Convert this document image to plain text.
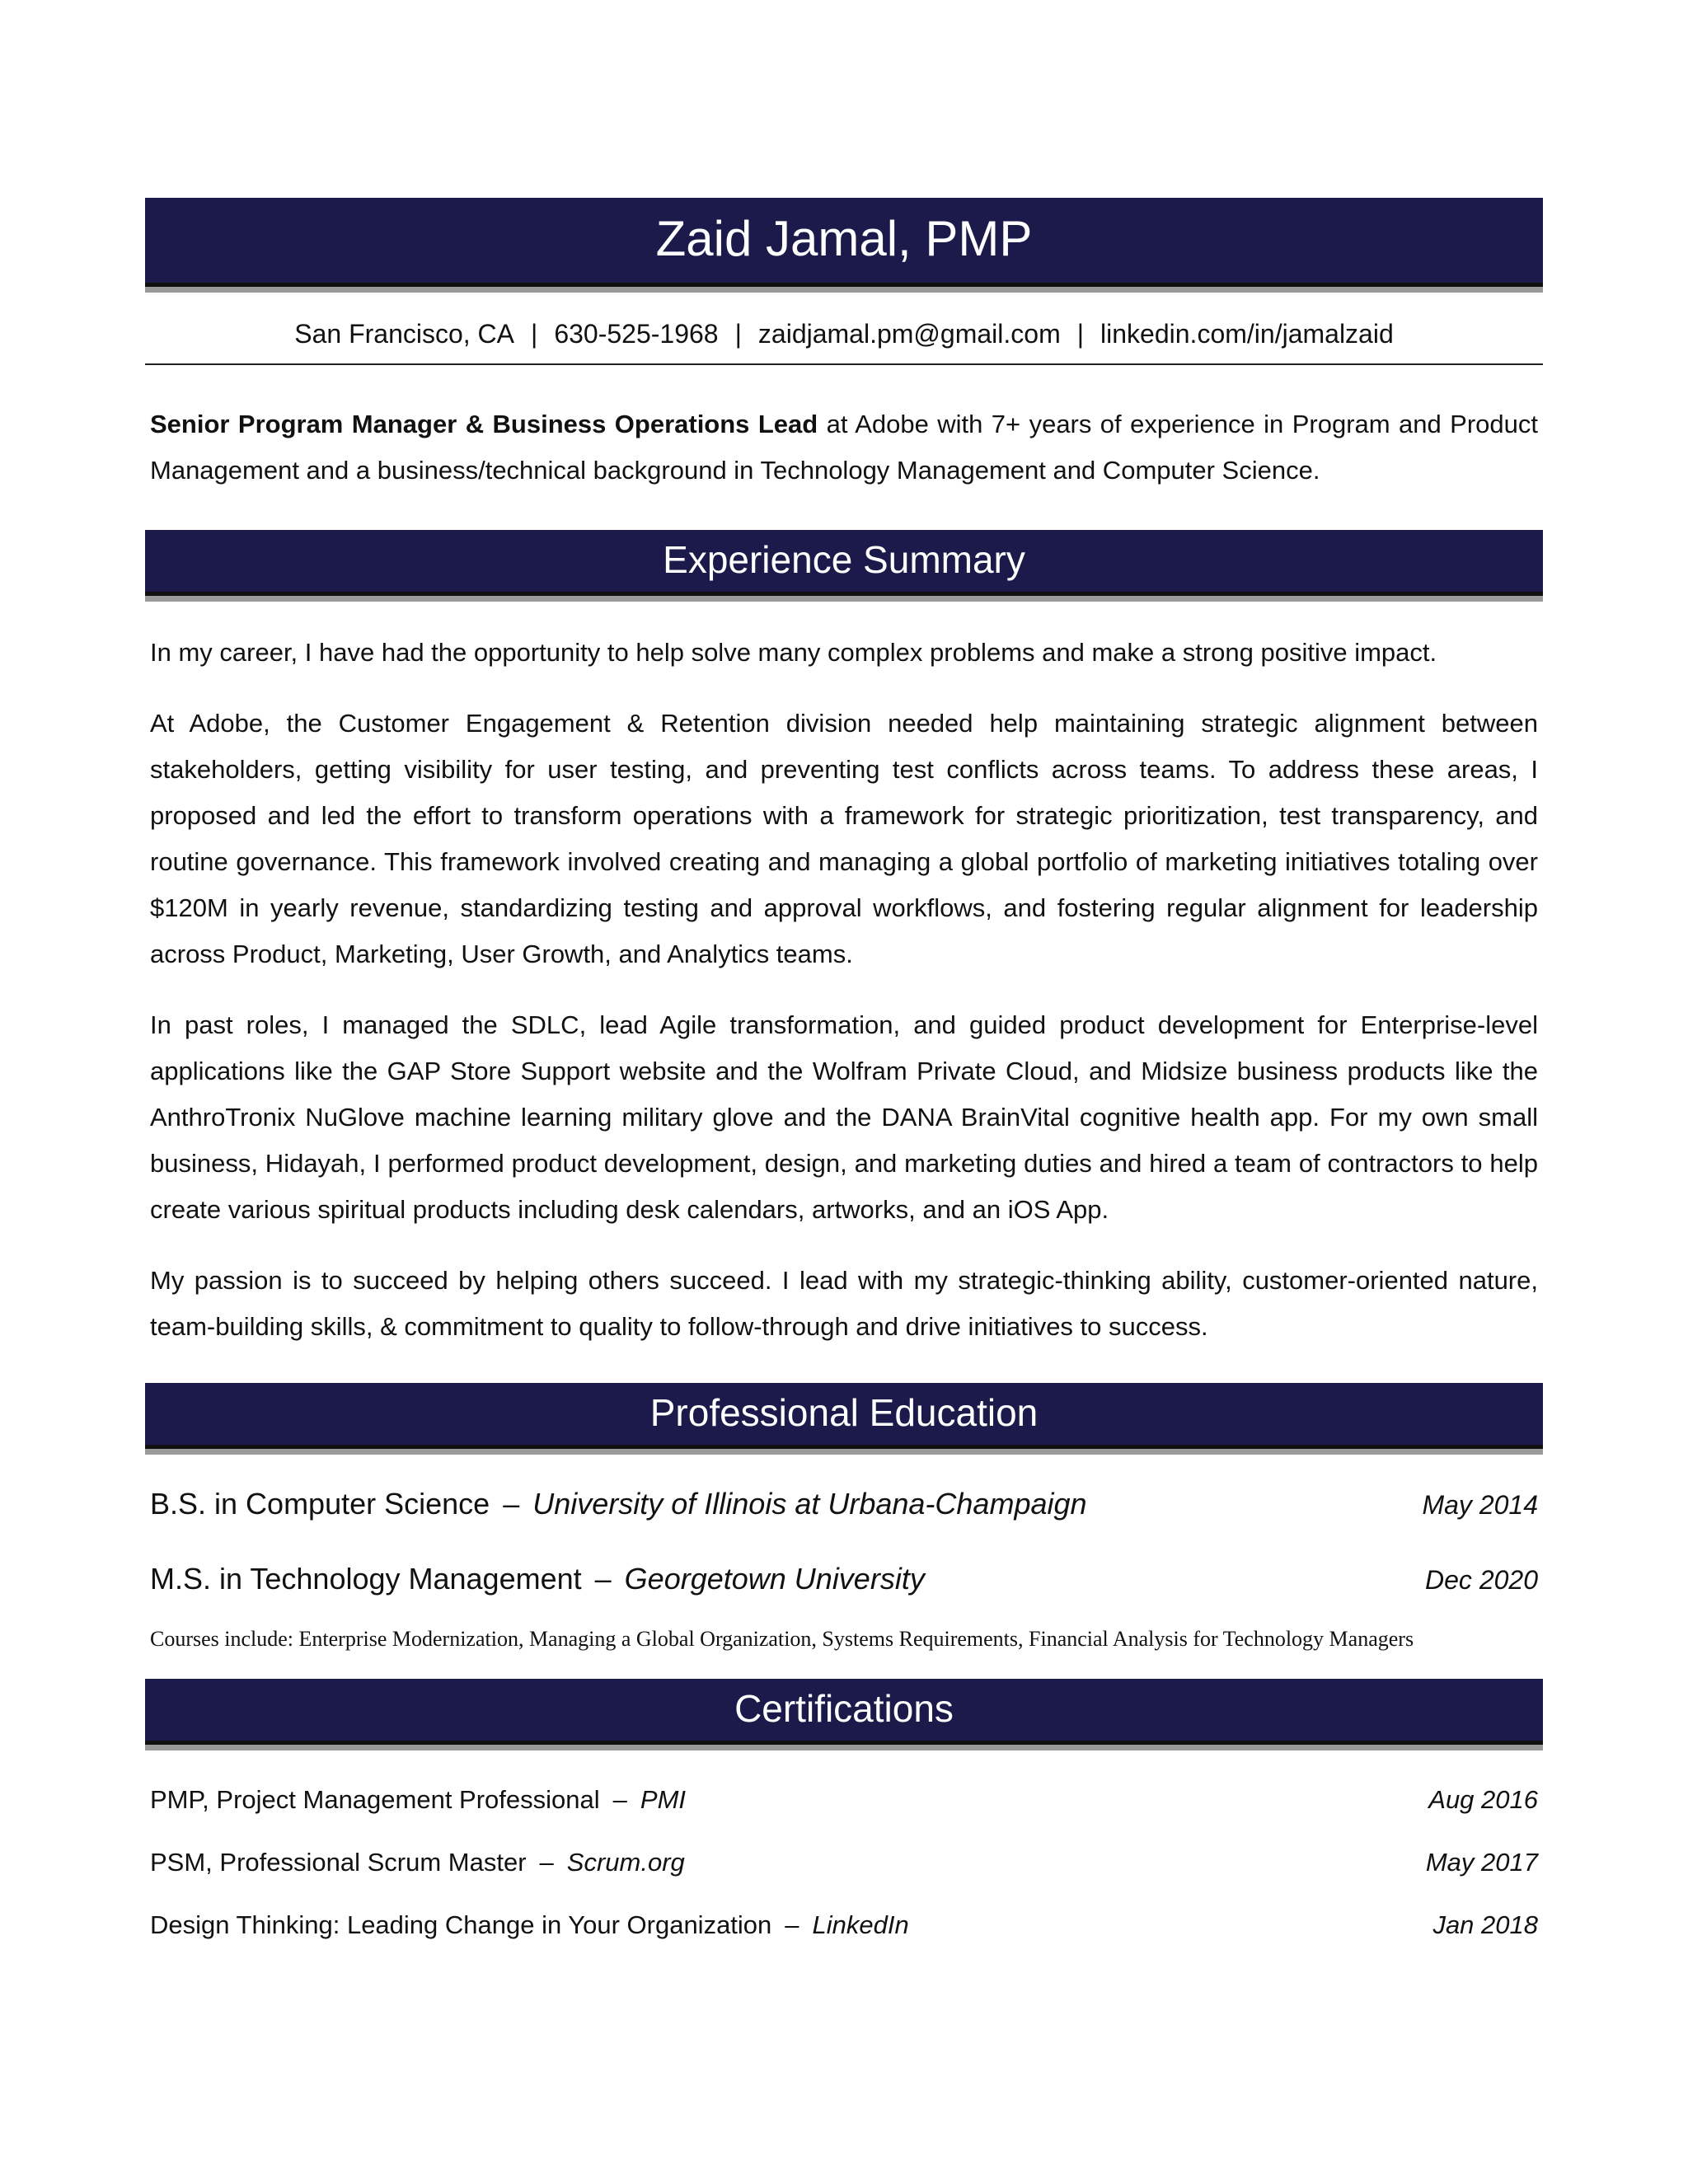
Zaid Jamal, PMP
San Francisco, CA | 630-525-1968 | zaidjamal.pm@gmail.com | linkedin.com/in/jamalzaid

Senior Program Manager & Business Operations Lead at Adobe with 7+ years of experience in Program and Product Management and a business/technical background in Technology Management and Computer Science.

Experience Summary

In my career, I have had the opportunity to help solve many complex problems and make a strong positive impact.

At Adobe, the Customer Engagement & Retention division needed help maintaining strategic alignment between stakeholders, getting visibility for user testing, and preventing test conflicts across teams. To address these areas, I proposed and led the effort to transform operations with a framework for strategic prioritization, test transparency, and routine governance. This framework involved creating and managing a global portfolio of marketing initiatives totaling over $120M in yearly revenue, standardizing testing and approval workflows, and fostering regular alignment for leadership across Product, Marketing, User Growth, and Analytics teams.

In past roles, I managed the SDLC, lead Agile transformation, and guided product development for Enterprise-level applications like the GAP Store Support website and the Wolfram Private Cloud, and Midsize business products like the AnthroTronix NuGlove machine learning military glove and the DANA BrainVital cognitive health app. For my own small business, Hidayah, I performed product development, design, and marketing duties and hired a team of contractors to help create various spiritual products including desk calendars, artworks, and an iOS App.

My passion is to succeed by helping others succeed. I lead with my strategic-thinking ability, customer-oriented nature, team-building skills, & commitment to quality to follow-through and drive initiatives to success.

Professional Education
B.S. in Computer Science – University of Illinois at Urbana-Champaign	May 2014
M.S. in Technology Management – Georgetown University	Dec 2020
Courses include: Enterprise Modernization, Managing a Global Organization, Systems Requirements, Financial Analysis for Technology Managers
Certifications
PMP, Project Management Professional – PMI	Aug 2016
PSM, Professional Scrum Master – Scrum.org	May 2017
Design Thinking: Leading Change in Your Organization – LinkedIn	Jan 2018
